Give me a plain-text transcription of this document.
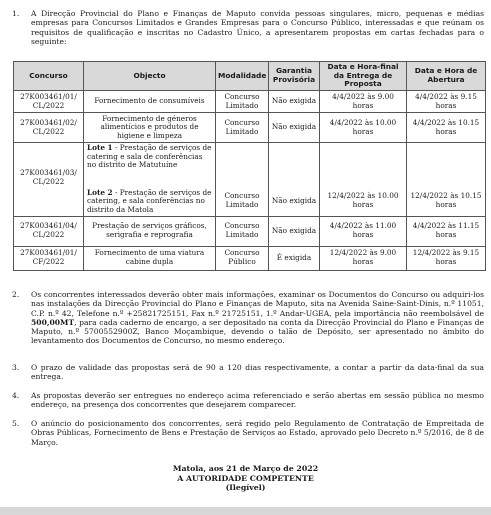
1.	A Direcção Provincial do Plano e Finanças de Maputo convida pessoas singulares, micro, pequenas e médias empresas para Concursos Limitados e Grandes Empresas para o Concurso Público, interessadas e que reúnam os requisitos de qualificação e inscritas no Cadastro Único, a apresentarem propostas em cartas fechadas para o seguinte:
Concurso	Objecto	Modalidade	Garantia Provisória	Data e Hora-final da Entrega de Proposta	Data e Hora de Abertura
27K003461/01/ CL/2022	Fornecimento de consumíveis	Concurso Limitado	Não exigida	4/4/2022 às 9.00 horas	4/4/2022 às 9.15 horas
27K003461/02/ CL/2022	Fornecimento de géneros alimentícios e produtos de higiene e limpeza	Concurso Limitado	Não exigida	4/4/2022 às 10.00 horas	4/4/2022 às 10.15 horas
27K003461/03/ CL/2022	Lote 1 - Prestação de serviços de catering e sala de conferências no distrito de Matutuíne
Lote 2 - Prestação de serviços de catering, e sala conferências no distrito da Matola	Concurso Limitado	Não exigida	12/4/2022 às 10.00 horas	12/4/2022 às 10.15 horas
27K003461/04/ CL/2022	Prestação de serviços gráficos, serigrafia e reprografia	Concurso Limitado	Não exigida	4/4/2022 às 11.00 horas	4/4/2022 às 11.15 horas
27K003461/01/ CF/2022	Fornecimento de uma viatura cabine dupla	Concurso Público	É exigida	12/4/2022 às 9.00 horas	12/4/2022 às 9.15 horas
2.	Os concorrentes interessados deverão obter mais informações, examinar os Documentos do Concurso ou adquiri-los nas instalações da Direcção Provincial do Plano e Finanças de Maputo, sita na Avenida Saine-Saint-Dinis, n.º 11051, C.P. n.º 42, Telefone n.º +25821725151, Fax n.º 21725151, 1.º Andar-UGEA, pela importância não reembolsável de 500,00MT, para cada caderno de encargo, a ser depositado na conta da Direcção Provincial do Plano e Finanças de Maputo, n.º 5700552900Z, Banco Moçambique, devendo o talão de Depósito, ser apresentado no âmbito do levantamento dos Documentos de Concurso, no mesmo endereço.
3.	O prazo de validade das propostas será de 90 a 120 dias respectivamente, a contar a partir da data-final da sua entrega.
4.	As propostas deverão ser entregues no endereço acima referenciado e serão abertas em sessão pública no mesmo endereço, na presença dos concorrentes que desejarem comparecer.
5.	O anúncio do posicionamento dos concorrentes, será regido pelo Regulamento de Contratação de Empreitada de Obras Públicas, Fornecimento de Bens e Prestação de Serviços ao Estado, aprovado pelo Decreto n.º 5/2016, de 8 de Março.
Matola, aos 21 de Março de 2022
A AUTORIDADE COMPETENTE
(Ilegível)
